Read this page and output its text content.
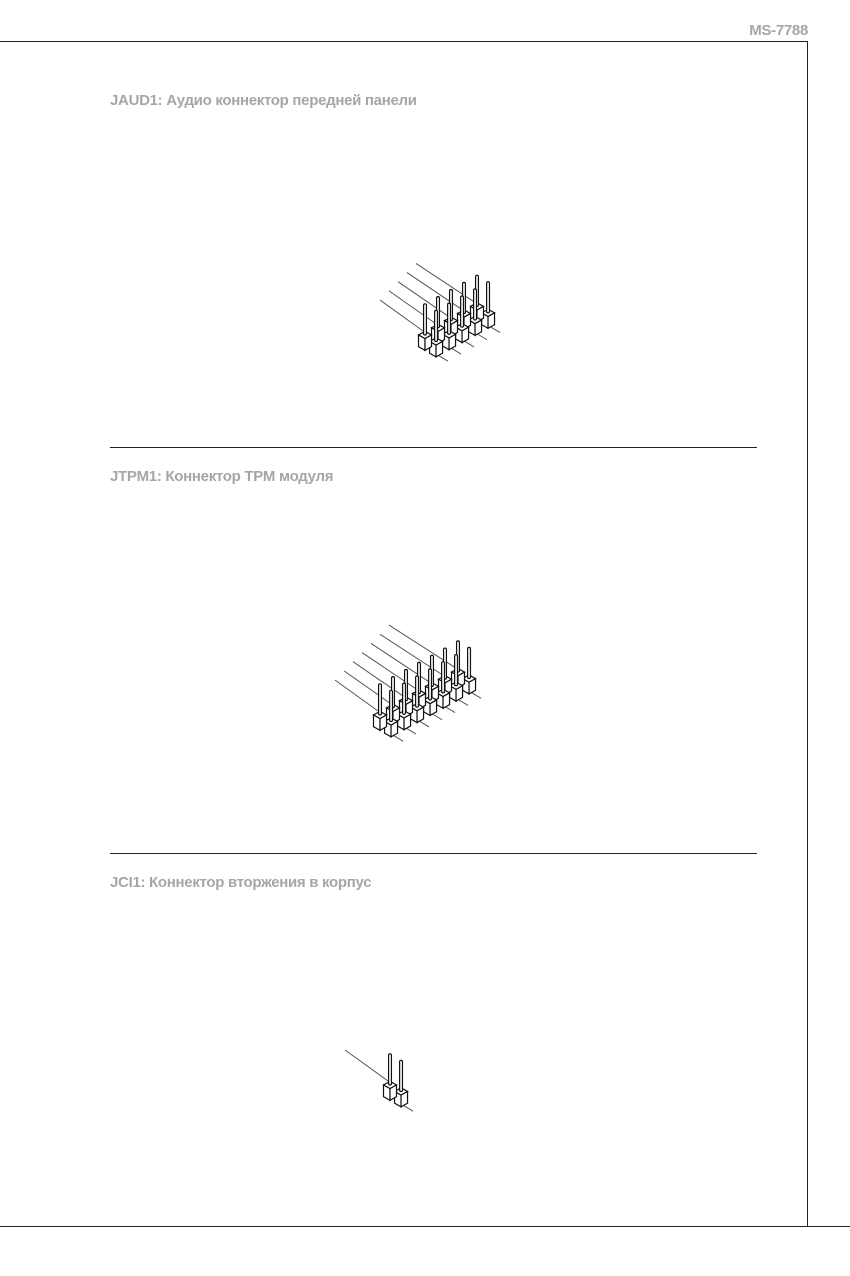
MS-7788
JAUD1: Аудио коннектор передней панели
JTPM1: Коннектор TPM модуля
JCI1: Коннектор вторжения в корпус
